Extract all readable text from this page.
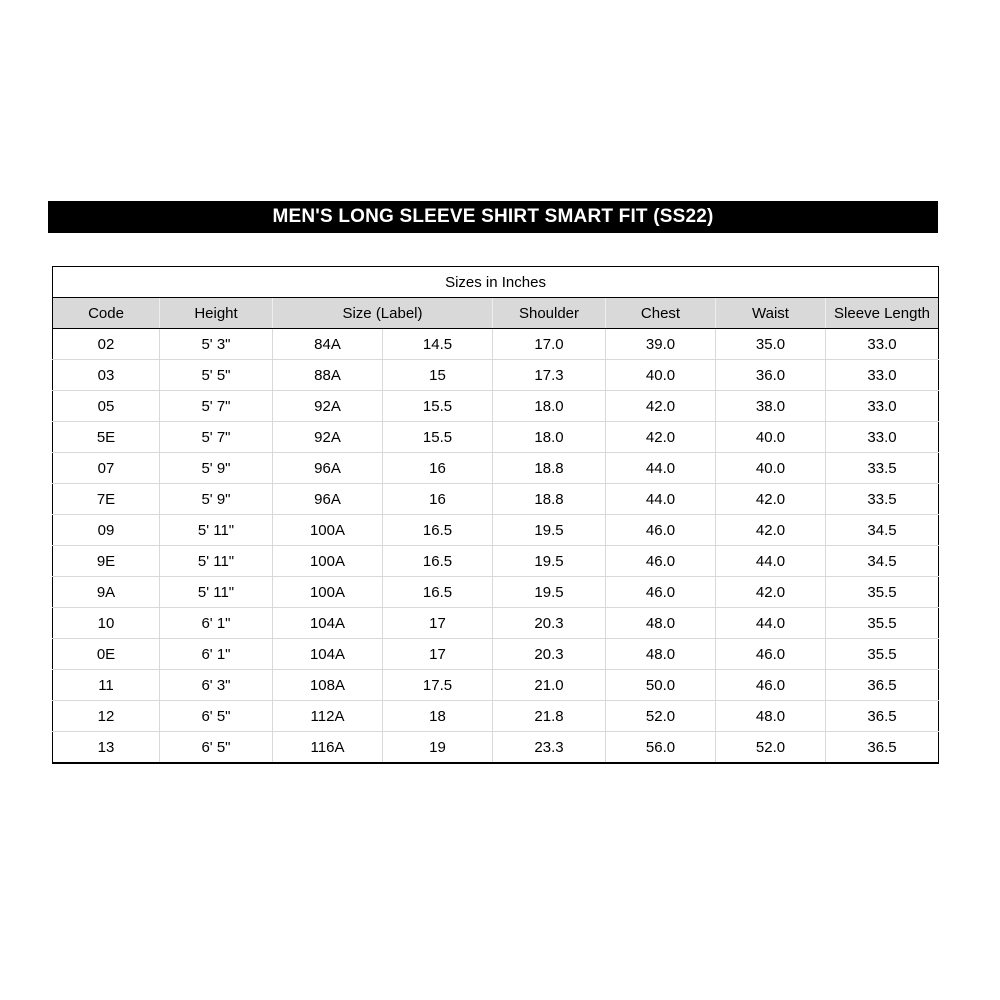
MEN'S LONG SLEEVE SHIRT SMART FIT (SS22)
Sizes in Inches							
Code	Height	Size (Label)		Shoulder	Chest	Waist	Sleeve Length
02	5' 3"	84A	14.5	17.0	39.0	35.0	33.0
03	5' 5"	88A	15	17.3	40.0	36.0	33.0
05	5' 7"	92A	15.5	18.0	42.0	38.0	33.0
5E	5' 7"	92A	15.5	18.0	42.0	40.0	33.0
07	5' 9"	96A	16	18.8	44.0	40.0	33.5
7E	5' 9"	96A	16	18.8	44.0	42.0	33.5
09	5' 11"	100A	16.5	19.5	46.0	42.0	34.5
9E	5' 11"	100A	16.5	19.5	46.0	44.0	34.5
9A	5' 11"	100A	16.5	19.5	46.0	42.0	35.5
10	6' 1"	104A	17	20.3	48.0	44.0	35.5
0E	6' 1"	104A	17	20.3	48.0	46.0	35.5
11	6' 3"	108A	17.5	21.0	50.0	46.0	36.5
12	6' 5"	112A	18	21.8	52.0	48.0	36.5
13	6' 5"	116A	19	23.3	56.0	52.0	36.5
